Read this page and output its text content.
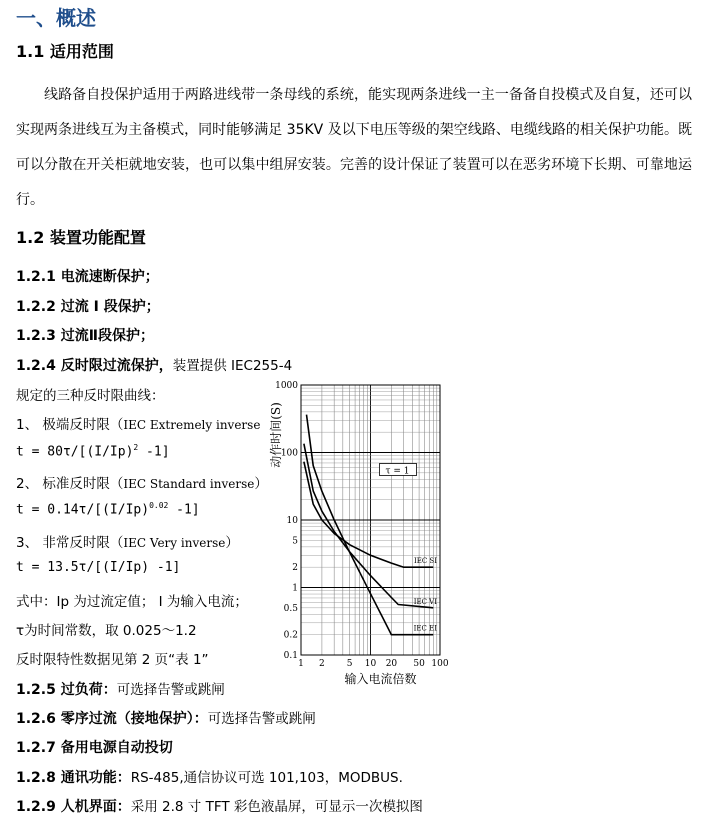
一、概述
1.1 适用范围
线路备自投保护适用于两路进线带一条母线的系统，能实现两条进线一主一备备自投模式及自复，还可以实现两条进线互为主备模式，同时能够满足 35KV 及以下电压等级的架空线路、电缆线路的相关保护功能。既可以分散在开关柜就地安装，也可以集中组屏安装。完善的设计保证了装置可以在恶劣环境下长期、可靠地运行。
1.2 装置功能配置
1.2.1 电流速断保护；
1.2.2 过流 I 段保护；
1.2.3 过流Ⅱ段保护；
1.2.4 反时限过流保护，装置提供 IEC255-4
规定的三种反时限曲线：
1、 极端反时限（IEC Extremely inverse
$t = 80\tau/[(I/Ip)^2$ -1]
2、 标准反时限（IEC Standard inverse）
$t = 0.14\tau/[(I/Ip)^{0.02}$ -1]
3、 非常反时限（IEC Very inverse）
t = 13.5τ/[(I/Ip) -1]
式中：Ip 为过流定值； I 为输入电流；
τ为时间常数，取 0.025～1.2
反时限特性数据见第 2 页“表 1”
1.2.5 过负荷：可选择告警或跳闸
1.2.6 零序过流（接地保护）：可选择告警或跳闸
1.2.7 备用电源自动投切
1.2.8 通讯功能：RS-485,通信协议可选 101,103，MODBUS.
1.2.9 人机界面：采用 2.8 寸 TFT 彩色液晶屏，可显示一次模拟图
IEC SI
IEC VI
IEC EI
1 2 5 10 20 50 100
1000
100
10
5
2
1
0.5
0.2
0.1
τ = 1
动作时间(S)
输入电流倍数
